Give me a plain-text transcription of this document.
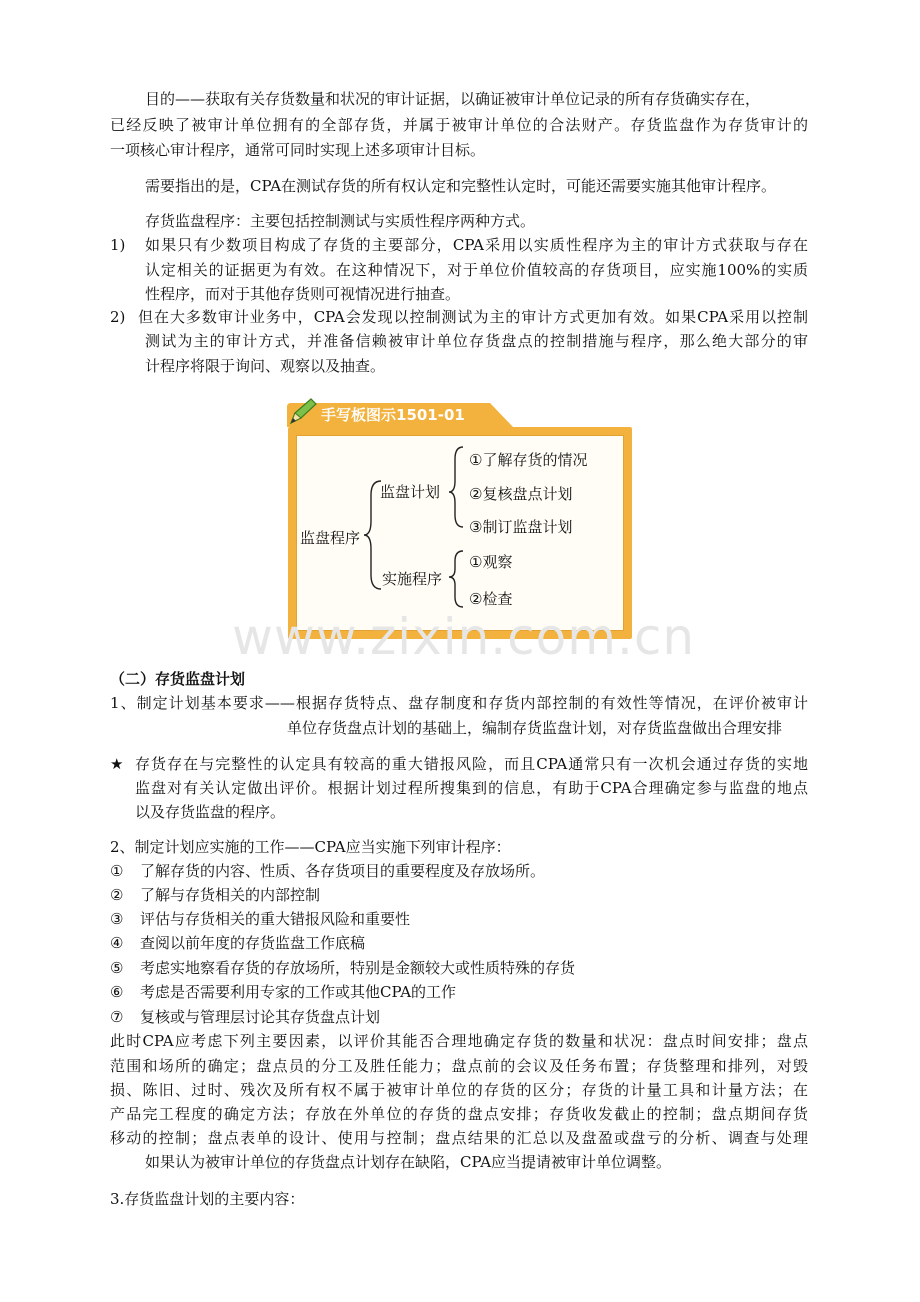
目的——获取有关存货数量和状况的审计证据，以确证被审计单位记录的所有存货确实存在，
已经反映了被审计单位拥有的全部存货，并属于被审计单位的合法财产。存货监盘作为存货审计的
一项核心审计程序，通常可同时实现上述多项审计目标。
需要指出的是，CPA在测试存货的所有权认定和完整性认定时，可能还需要实施其他审计程序。
存货监盘程序：主要包括控制测试与实质性程序两种方式。
1) 如果只有少数项目构成了存货的主要部分，CPA采用以实质性程序为主的审计方式获取与存在
认定相关的证据更为有效。在这种情况下，对于单位价值较高的存货项目，应实施100%的实质
性程序，而对于其他存货则可视情况进行抽查。
2) 但在大多数审计业务中，CPA会发现以控制测试为主的审计方式更加有效。如果CPA采用以控制
测试为主的审计方式，并准备信赖被审计单位存货盘点的控制措施与程序，那么绝大部分的审
计程序将限于询问、观察以及抽查。
手写板图示1501-01
监盘程序
监盘计划
①了解存货的情况
②复核盘点计划
③制订监盘计划
实施程序
①观察
②检查
www.zixin.com.cn
（二）存货监盘计划
1、制定计划基本要求——根据存货特点、盘存制度和存货内部控制的有效性等情况，在评价被审计
单位存货盘点计划的基础上，编制存货监盘计划，对存货监盘做出合理安排
★ 存货存在与完整性的认定具有较高的重大错报风险，而且CPA通常只有一次机会通过存货的实地
监盘对有关认定做出评价。根据计划过程所搜集到的信息，有助于CPA合理确定参与监盘的地点
以及存货监盘的程序。
2、制定计划应实施的工作——CPA应当实施下列审计程序：
① 了解存货的内容、性质、各存货项目的重要程度及存放场所。
② 了解与存货相关的内部控制
③ 评估与存货相关的重大错报风险和重要性
④ 查阅以前年度的存货监盘工作底稿
⑤ 考虑实地察看存货的存放场所，特别是金额较大或性质特殊的存货
⑥ 考虑是否需要利用专家的工作或其他CPA的工作
⑦ 复核或与管理层讨论其存货盘点计划
此时CPA应考虑下列主要因素，以评价其能否合理地确定存货的数量和状况：盘点时间安排；盘点
范围和场所的确定；盘点员的分工及胜任能力；盘点前的会议及任务布置；存货整理和排列，对毁
损、陈旧、过时、残次及所有权不属于被审计单位的存货的区分；存货的计量工具和计量方法；在
产品完工程度的确定方法；存放在外单位的存货的盘点安排；存货收发截止的控制；盘点期间存货
移动的控制；盘点表单的设计、使用与控制；盘点结果的汇总以及盘盈或盘亏的分析、调查与处理
如果认为被审计单位的存货盘点计划存在缺陷，CPA应当提请被审计单位调整。
3.存货监盘计划的主要内容：
